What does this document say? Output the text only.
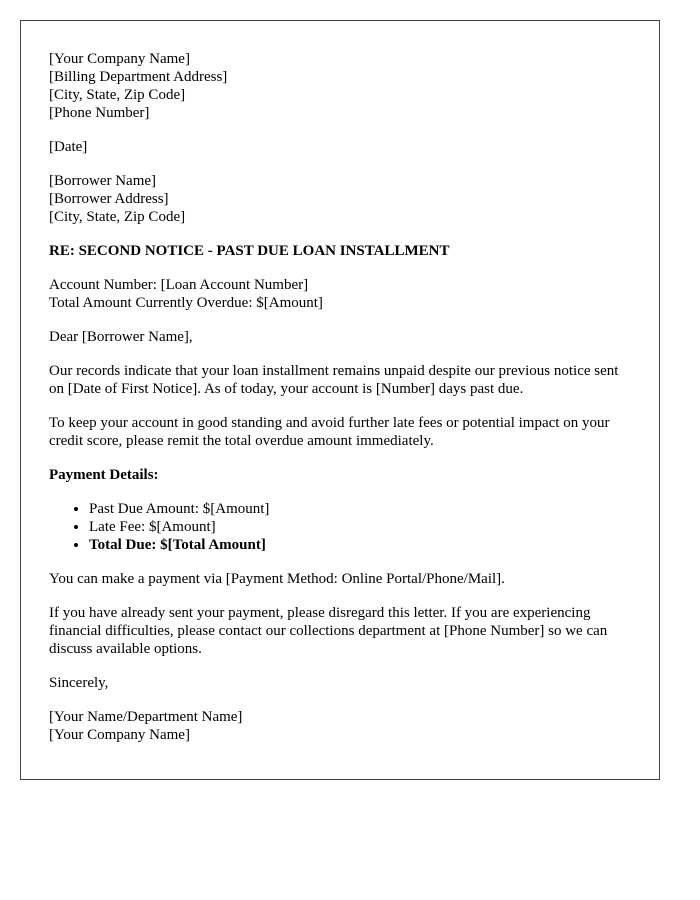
[Your Company Name]
[Billing Department Address]
[City, State, Zip Code]
[Phone Number]
[Date]
[Borrower Name]
[Borrower Address]
[City, State, Zip Code]
RE: SECOND NOTICE - PAST DUE LOAN INSTALLMENT
Account Number: [Loan Account Number]
Total Amount Currently Overdue: $[Amount]

Dear [Borrower Name],

Our records indicate that your loan installment remains unpaid despite our previous notice sent on [Date of First Notice]. As of today, your account is [Number] days past due.

To keep your account in good standing and avoid further late fees or potential impact on your credit score, please remit the total overdue amount immediately.

Payment Details:

• Past Due Amount: $[Amount]
• Late Fee: $[Amount]
• Total Due: $[Total Amount]

You can make a payment via [Payment Method: Online Portal/Phone/Mail].

If you have already sent your payment, please disregard this letter. If you are experiencing financial difficulties, please contact our collections department at [Phone Number] so we can discuss available options.

Sincerely,

[Your Name/Department Name]
[Your Company Name]
